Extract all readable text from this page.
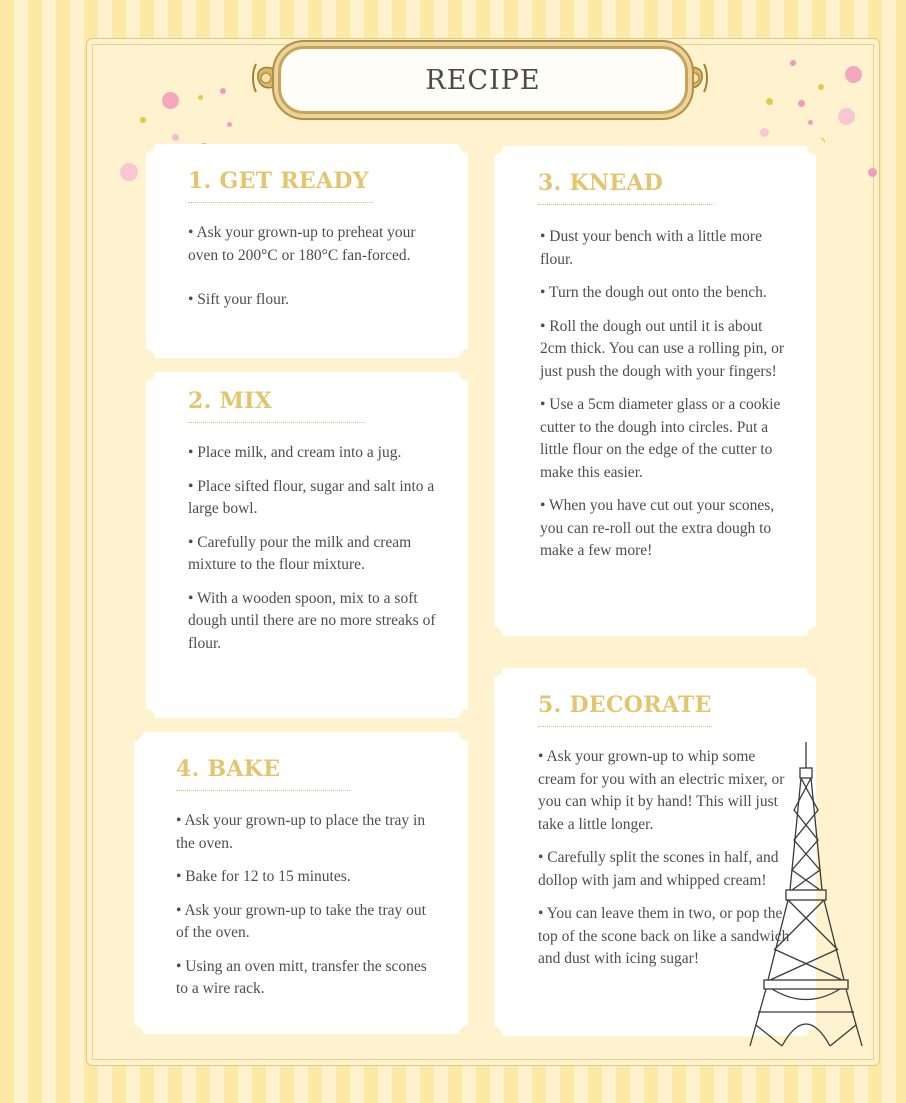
RECIPE
1. GET READY

• Ask your grown-up to preheat your oven to 200°C or 180°C fan-forced.

• Sift your flour.

2. MIX

• Place milk, and cream into a jug.

• Place sifted flour, sugar and salt into a large bowl.

• Carefully pour the milk and cream mixture to the flour mixture.

• With a wooden spoon, mix to a soft dough until there are no more streaks of flour.

3. KNEAD

• Dust your bench with a little more flour.

• Turn the dough out onto the bench.

• Roll the dough out until it is about 2cm thick. You can use a rolling pin, or just push the dough with your fingers!

• Use a 5cm diameter glass or a cookie cutter to the dough into circles. Put a little flour on the edge of the cutter to make this easier.

• When you have cut out your scones, you can re-roll out the extra dough to make a few more!

4. BAKE

• Ask your grown-up to place the tray in the oven.

• Bake for 12 to 15 minutes.

• Ask your grown-up to take the tray out of the oven.

• Using an oven mitt, transfer the scones to a wire rack.

5. DECORATE

• Ask your grown-up to whip some cream for you with an electric mixer, or you can whip it by hand! This will just take a little longer.

• Carefully split the scones in half, and dollop with jam and whipped cream!

• You can leave them in two, or pop the top of the scone back on like a sandwich and dust with icing sugar!
